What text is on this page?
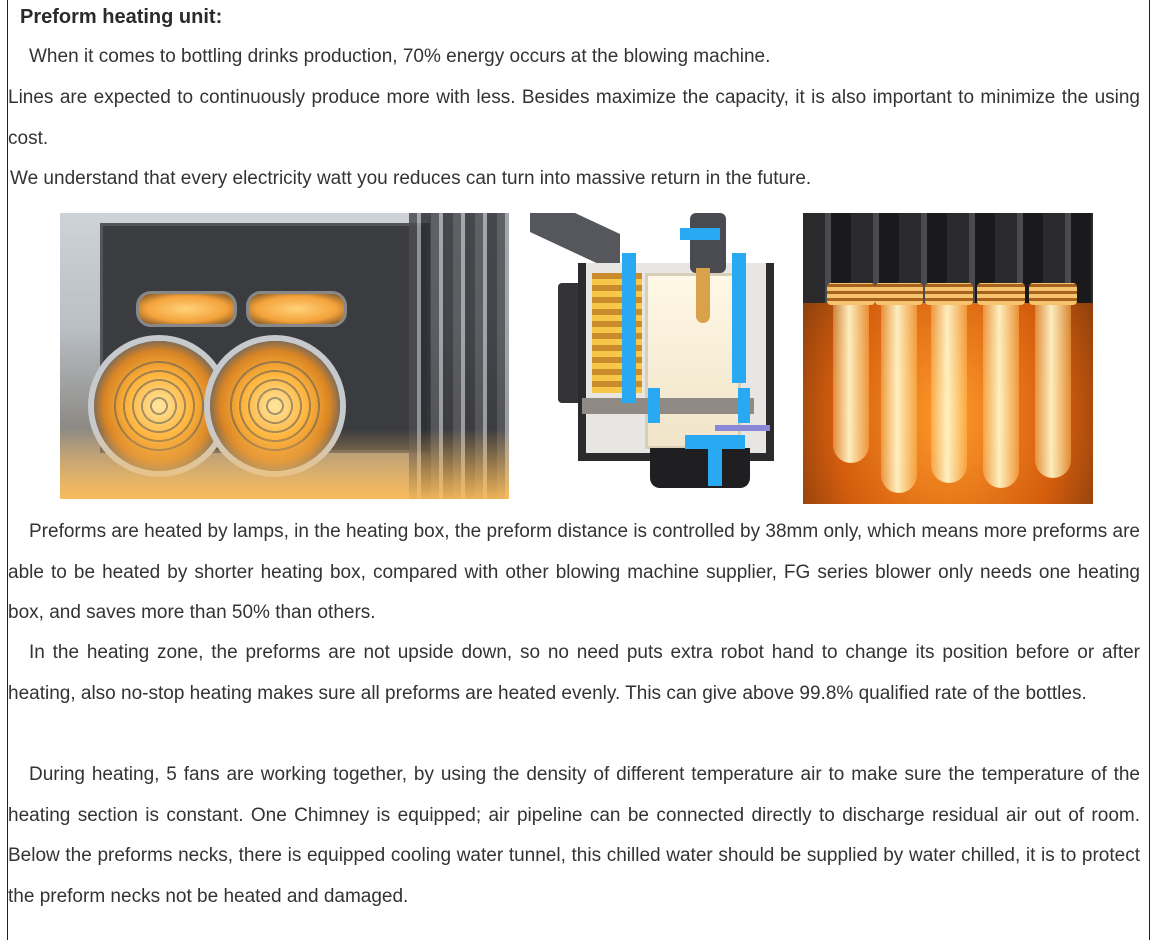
Preform heating unit:

When it comes to bottling drinks production, 70% energy occurs at the blowing machine.

Lines are expected to continuously produce more with less. Besides maximize the capacity, it is also important to minimize the using cost.

We understand that every electricity watt you reduces can turn into massive return in the future.

Preforms are heated by lamps, in the heating box, the preform distance is controlled by 38mm only, which means more preforms are able to be heated by shorter heating box, compared with other blowing machine supplier, FG series blower only needs one heating box, and saves more than 50% than others.

In the heating zone, the preforms are not upside down, so no need puts extra robot hand to change its position before or after heating, also no-stop heating makes sure all preforms are heated evenly. This can give above 99.8% qualified rate of the bottles.

During heating, 5 fans are working together, by using the density of different temperature air to make sure the temperature of the heating section is constant. One Chimney is equipped; air pipeline can be connected directly to discharge residual air out of room. Below the preforms necks, there is equipped cooling water tunnel, this chilled water should be supplied by water chilled, it is to protect the preform necks not be heated and damaged.
